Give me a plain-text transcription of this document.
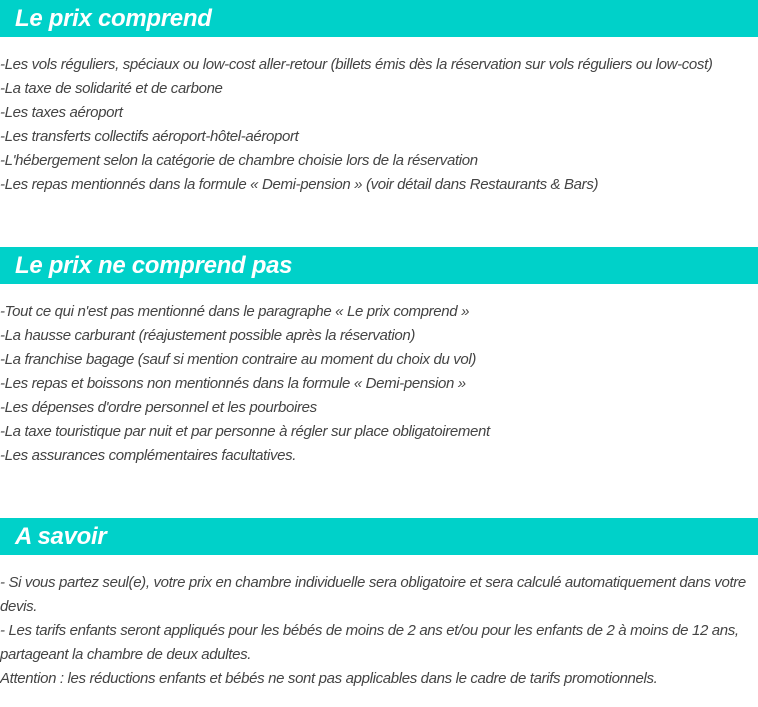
Le prix comprend
-Les vols réguliers, spéciaux ou low-cost aller-retour (billets émis dès la réservation sur vols réguliers ou low-cost)
-La taxe de solidarité et de carbone
-Les taxes aéroport
-Les transferts collectifs aéroport-hôtel-aéroport
-L'hébergement selon la catégorie de chambre choisie lors de la réservation
-Les repas mentionnés dans la formule « Demi-pension » (voir détail dans Restaurants & Bars)
Le prix ne comprend pas
-Tout ce qui n'est pas mentionné dans le paragraphe « Le prix comprend »
-La hausse carburant (réajustement possible après la réservation)
-La franchise bagage (sauf si mention contraire au moment du choix du vol)
-Les repas et boissons non mentionnés dans la formule « Demi-pension »
-Les dépenses d'ordre personnel et les pourboires
-La taxe touristique par nuit et par personne à régler sur place obligatoirement
-Les assurances complémentaires facultatives.
A savoir

- Si vous partez seul(e), votre prix en chambre individuelle sera obligatoire et sera calculé automatiquement dans votre devis.

- Les tarifs enfants seront appliqués pour les bébés de moins de 2 ans et/ou pour les enfants de 2 à moins de 12 ans, partageant la chambre de deux adultes.

Attention : les réductions enfants et bébés ne sont pas applicables dans le cadre de tarifs promotionnels.
